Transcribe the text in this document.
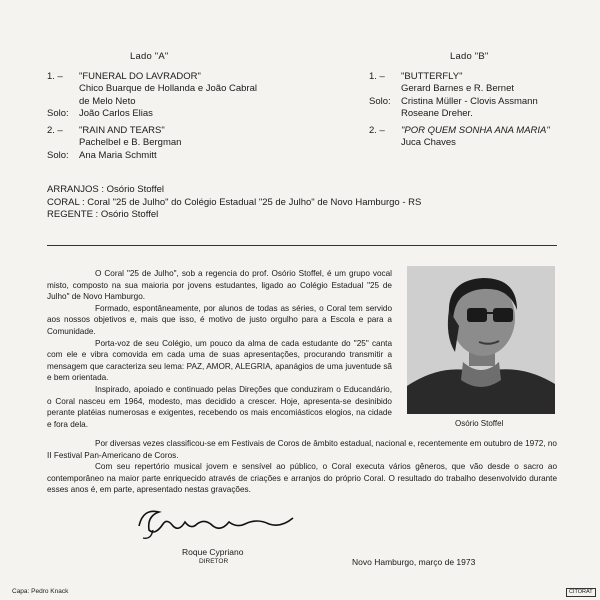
Lado "A"
1. – "FUNERAL DO LAVRADOR"
Chico Buarque de Hollanda e João Cabral
de Melo Neto
Solo:	João Carlos Elias
2. – "RAIN AND TEARS"
Pachelbel e B. Bergman
Solo:	Ana Maria Schmitt
Lado "B"
1. – "BUTTERFLY"
Gerard Barnes e R. Bernet
Solo:	Cristina Müller - Clovis Assmann
Roseane Dreher.
2. – "POR QUEM SONHA ANA MARIA"
Juca Chaves
ARRANJOS : Osório Stoffel
CORAL : Coral "25 de Julho" do Colégio Estadual "25 de Julho" de Novo Hamburgo - RS
REGENTE : Osório Stoffel

O Coral "25 de Julho", sob a regencia do prof. Osório Stoffel, é um grupo vocal misto, composto na sua maioria por jovens estudantes, ligado ao Colégio Estadual "25 de Julho" de Novo Hamburgo.

Formado, espontâneamente, por alunos de todas as séries, o Coral tem servido aos nossos objetivos e, mais que isso, é motivo de justo orgulho para a Escola e para a Comunidade.

Porta-voz de seu Colégio, um pouco da alma de cada estudante do "25" canta com ele e vibra comovida em cada uma de suas apresentações, procurando transmitir a mensagem que caracteriza seu lema: PAZ, AMOR, ALEGRIA, apanágios de uma juventude sã e bem orientada.

Inspirado, apoiado e continuado pelas Direções que conduziram o Educandário, o Coral nasceu em 1964, modesto, mas decidido a crescer. Hoje, apresenta-se desinibido perante platéias numerosas e exigentes, recebendo os mais encomiásticos elogios, na cidade e fora dela.

Por diversas vezes classificou-se em Festivais de Coros de âmbito estadual, nacional e, recentemente em outubro de 1972, no II Festival Pan-Americano de Coros.

Com seu repertório musical jovem e sensível ao público, o Coral executa vários gêneros, que vão desde o sacro ao contemporâneo na maior parte enriquecido através de criações e arranjos do próprio Coral. O resultado do trabalho desenvolvido durante esses anos é, em parte, apresentado nestas gravações.

Osório Stoffel
Roque Cypriano
DIRETOR	Novo Hamburgo, março de 1973
Capa: Pedro Knack	CITORAT
